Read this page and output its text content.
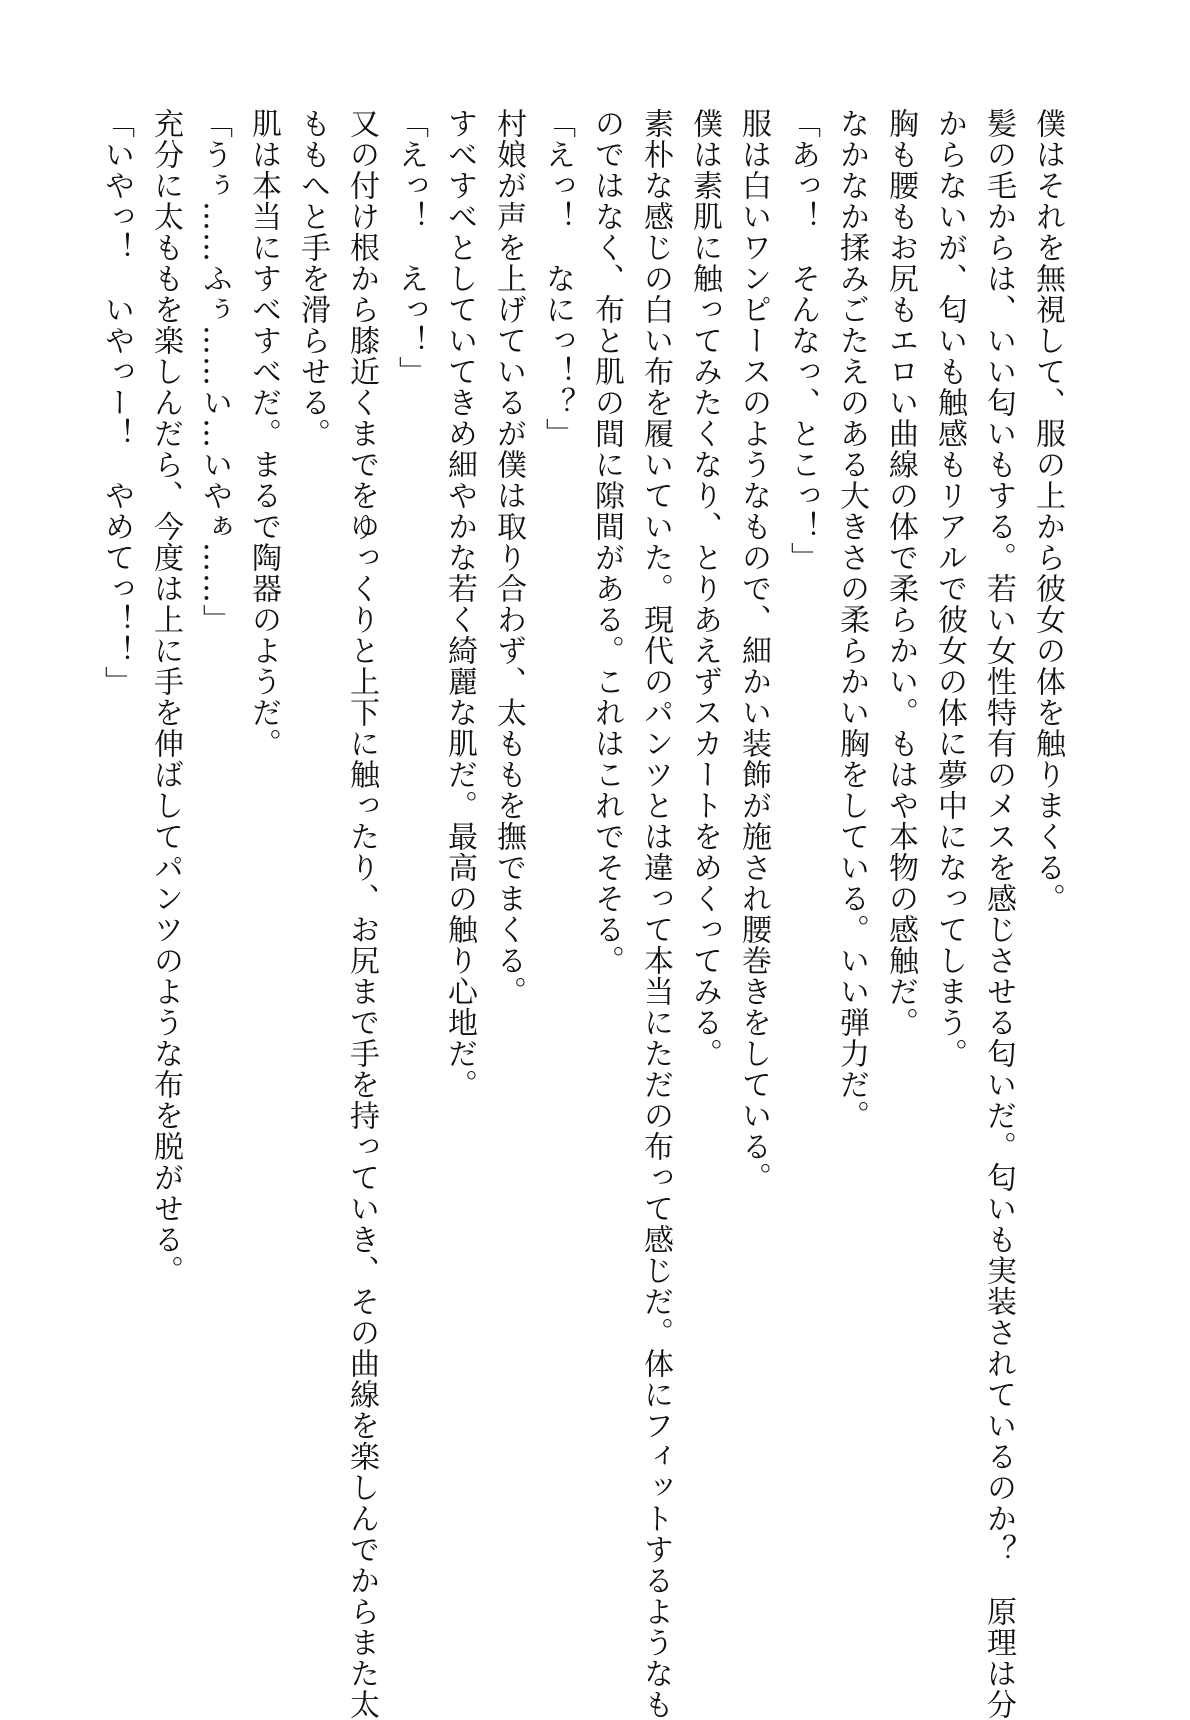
僕はそれを無視して、服の上から彼女の体を触りまくる。
髪の毛からは、いい匂いもする。若い女性特有のメスを感じさせる匂いだ。匂いも実装されているのか？　原理は分
からないが、匂いも触感もリアルで彼女の体に夢中になってしまう。
胸も腰もお尻もエロい曲線の体で柔らかい。もはや本物の感触だ。
なかなか揉みごたえのある大きさの柔らかい胸をしている。いい弾力だ。
「あっ！　そんなっ、とこっ！」
服は白いワンピースのようなもので、細かい装飾が施され腰巻きをしている。
僕は素肌に触ってみたくなり、とりあえずスカートをめくってみる。
素朴な感じの白い布を履いていた。現代のパンツとは違って本当にただの布って感じだ。体にフィットするようなも
のではなく、布と肌の間に隙間がある。これはこれでそそる。
「えっ！　なにっ！？」
村娘が声を上げているが僕は取り合わず、太ももを撫でまくる。
すべすべとしていてきめ細やかな若く綺麗な肌だ。最高の触り心地だ。
「えっ！　えっ！」
又の付け根から膝近くまでをゆっくりと上下に触ったり、お尻まで手を持っていき、その曲線を楽しんでからまた太
ももへと手を滑らせる。
肌は本当にすべすべだ。まるで陶器のようだ。
「うぅ……ふぅ……い…いやぁ……」
充分に太ももを楽しんだら、今度は上に手を伸ばしてパンツのような布を脱がせる。
「いやっ！　いやっー！　やめてっ！！」
